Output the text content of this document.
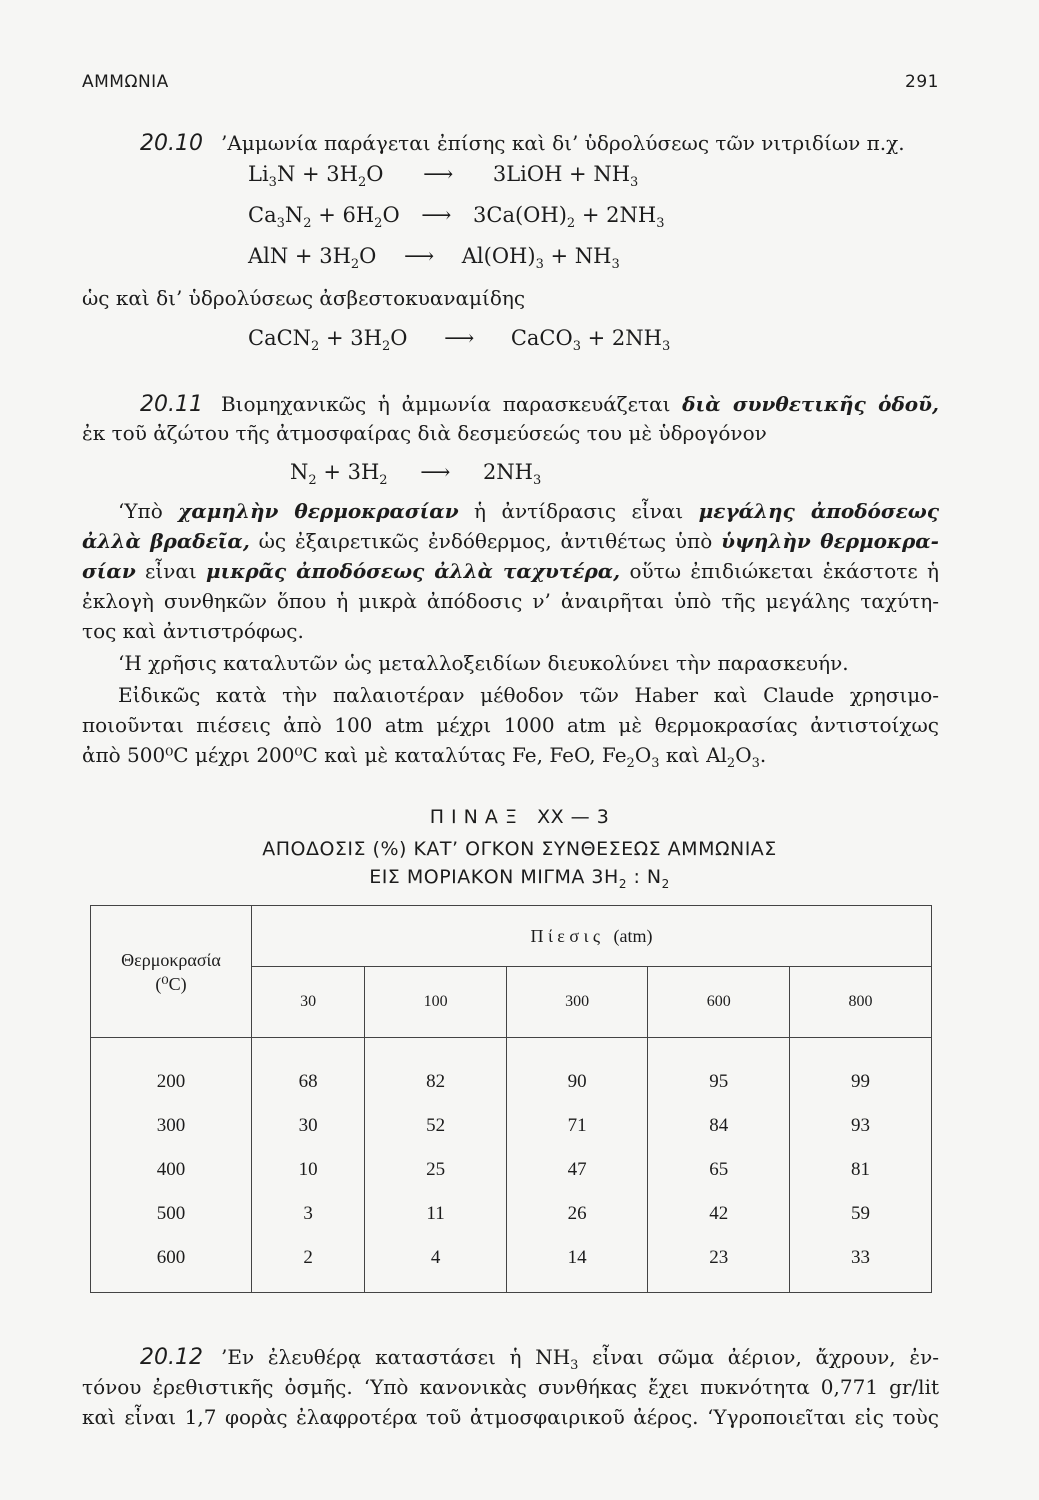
ΑΜΜΩΝΙΑ	291
20.10 ’Αμμωνία παράγεται ἐπίσης καὶ δι’ ὑδρολύσεως τῶν νιτριδίων π.χ.
$Li_3N + 3H_2O$ ⟶ 3LiOH + $NH_3$
$Ca_3N_2 + 6H_2O$ ⟶ $3Ca(OH)_2 + 2NH_3$
AlN + $3H_2O$ ⟶ $Al(OH)_3 + NH_3$
ὡς καὶ δι’ ὑδρολύσεως ἀσβεστοκυαναμίδης
CaCN$_2$ + $3H_2O$ ⟶ CaCO$_3$ + $2NH_3$
20.11 Βιομηχανικῶς ἡ ἀμμωνία παρασκευάζεται διὰ συνθετικῆς ὁδοῦ,
ἐκ τοῦ ἀζώτου τῆς ἀτμοσφαίρας διὰ δεσμεύσεώς του μὲ ὑδρογόνον
$N_2 + 3H_2$ ⟶ $2NH_3$
‘Υπὸ χαμηλὴν θερμοκρασίαν ἡ ἀντίδρασις εἶναι μεγάλης ἀποδόσεως
ἀλλὰ βραδεῖα, ὡς ἐξαιρετικῶς ἐνδόθερμος, ἀντιθέτως ὑπὸ ὑψηλὴν θερμοκρα-
σίαν εἶναι μικρᾶς ἀποδόσεως ἀλλὰ ταχυτέρα, οὕτω ἐπιδιώκεται ἑκάστοτε ἡ
ἐκλογὴ συνθηκῶν ὅπου ἡ μικρὰ ἀπόδοσις ν’ ἀναιρῆται ὑπὸ τῆς μεγάλης ταχύτη-
τος καὶ ἀντιστρόφως.
‘Η χρῆσις καταλυτῶν ὡς μεταλλοξειδίων διευκολύνει τὴν παρασκευήν.
Εἰδικῶς κατὰ τὴν παλαιοτέραν μέθοδον τῶν Haber καὶ Claude χρησιμο-
ποιοῦνται πιέσεις ἀπὸ 100 atm μέχρι 1000 atm μὲ θερμοκρασίας ἀντιστοίχως
ἀπὸ 500⁰C μέχρι 200⁰C καὶ μὲ καταλύτας Fe, FeO, $Fe_2O_3$ καὶ $Al_2O_3$.
Π Ι Ν Α Ξ   XX — 3
ΑΠΟΔΟΣΙΣ (%) ΚΑΤ’ ΟΓΚΟΝ ΣΥΝΘΕΣΕΩΣ ΑΜΜΩΝΙΑΣ
ΕΙΣ ΜΟΡΙΑΚΟΝ ΜΙΓΜΑ $3H_2$ : $N_2$
Θερμοκρασία
(⁰C)	Π ί ε σ ι ς   (atm)				
	30	100	300	600	800
200	68	82	90	95	99
300	30	52	71	84	93
400	10	25	47	65	81
500	3	11	26	42	59
600	2	4	14	23	33
20.12 ’Εν ἐλευθέρᾳ καταστάσει ἡ $NH_3$ εἶναι σῶμα ἀέριον, ἄχρουν, ἐν-
τόνου ἐρεθιστικῆς ὀσμῆς. ‘Υπὸ κανονικὰς συνθήκας ἔχει πυκνότητα 0,771 gr/lit
καὶ εἶναι 1,7 φορὰς ἐλαφροτέρα τοῦ ἀτμοσφαιρικοῦ ἀέρος. ‘Υγροποιεῖται εἰς τοὺς
